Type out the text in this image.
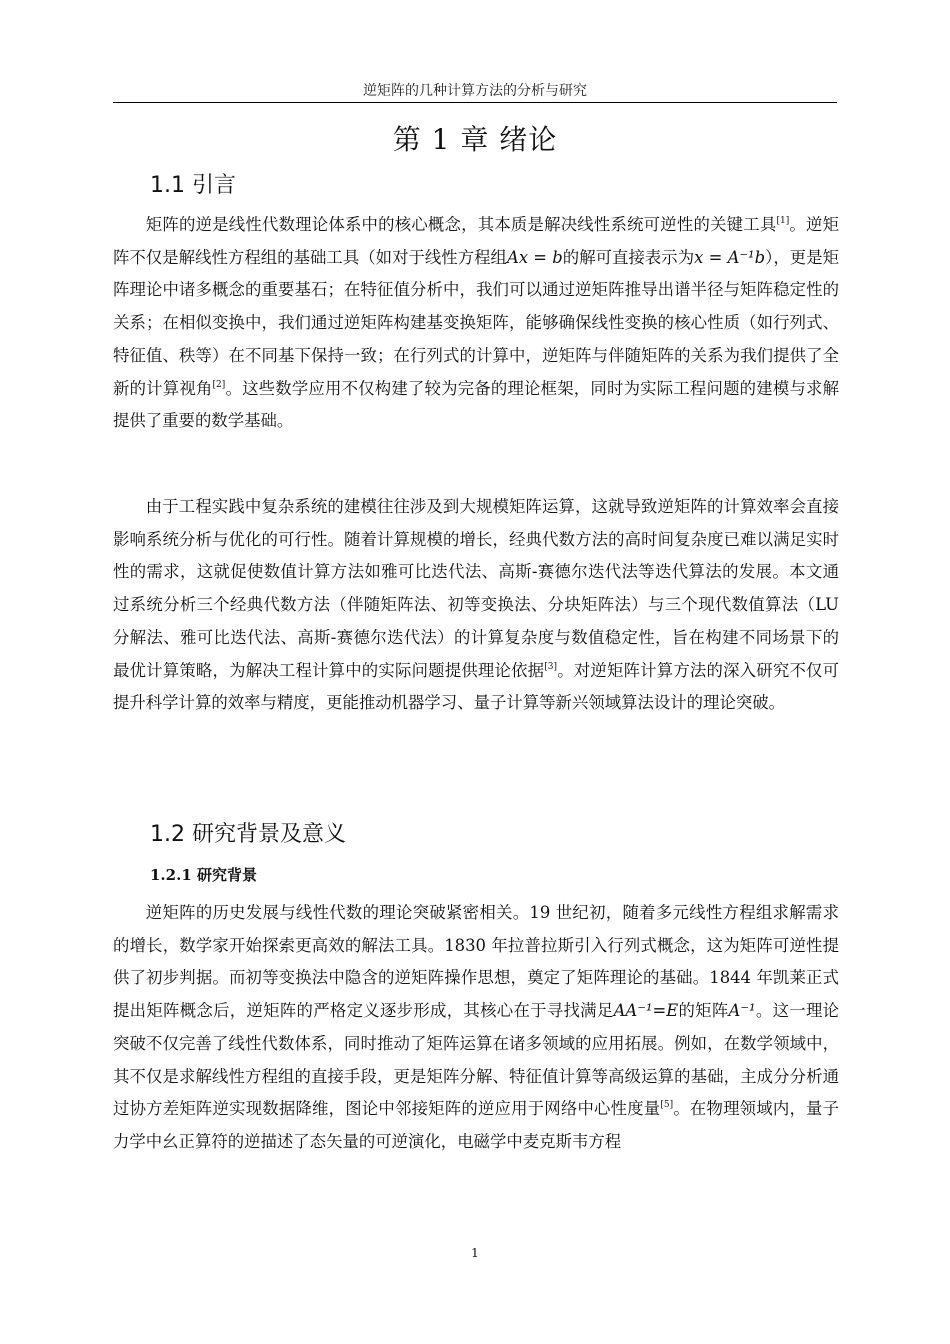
逆矩阵的几种计算方法的分析与研究
第 1 章 绪论
1.1 引言

矩阵的逆是线性代数理论体系中的核心概念，其本质是解决线性系统可逆性的关键工具[1]。逆矩阵不仅是解线性方程组的基础工具（如对于线性方程组Ax = b的解可直接表示为x = A⁻¹b），更是矩阵理论中诸多概念的重要基石；在特征值分析中，我们可以通过逆矩阵推导出谱半径与矩阵稳定性的关系；在相似变换中，我们通过逆矩阵构建基变换矩阵，能够确保线性变换的核心性质（如行列式、特征值、秩等）在不同基下保持一致；在行列式的计算中，逆矩阵与伴随矩阵的关系为我们提供了全新的计算视角[2]。这些数学应用不仅构建了较为完备的理论框架，同时为实际工程问题的建模与求解提供了重要的数学基础。

由于工程实践中复杂系统的建模往往涉及到大规模矩阵运算，这就导致逆矩阵的计算效率会直接影响系统分析与优化的可行性。随着计算规模的增长，经典代数方法的高时间复杂度已难以满足实时性的需求，这就促使数值计算方法如雅可比迭代法、高斯-赛德尔迭代法等迭代算法的发展。本文通过系统分析三个经典代数方法（伴随矩阵法、初等变换法、分块矩阵法）与三个现代数值算法（LU 分解法、雅可比迭代法、高斯-赛德尔迭代法）的计算复杂度与数值稳定性，旨在构建不同场景下的最优计算策略，为解决工程计算中的实际问题提供理论依据[3]。对逆矩阵计算方法的深入研究不仅可提升科学计算的效率与精度，更能推动机器学习、量子计算等新兴领域算法设计的理论突破。

1.2 研究背景及意义
1.2.1 研究背景

逆矩阵的历史发展与线性代数的理论突破紧密相关。19 世纪初，随着多元线性方程组求解需求的增长，数学家开始探索更高效的解法工具。1830 年拉普拉斯引入行列式概念，这为矩阵可逆性提供了初步判据。而初等变换法中隐含的逆矩阵操作思想，奠定了矩阵理论的基础。1844 年凯莱正式提出矩阵概念后，逆矩阵的严格定义逐步形成，其核心在于寻找满足AA⁻¹=E的矩阵A⁻¹。这一理论突破不仅完善了线性代数体系，同时推动了矩阵运算在诸多领域的应用拓展。例如，在数学领域中，其不仅是求解线性方程组的直接手段，更是矩阵分解、特征值计算等高级运算的基础，主成分分析通过协方差矩阵逆实现数据降维，图论中邻接矩阵的逆应用于网络中心性度量[5]。在物理领域内，量子力学中幺正算符的逆描述了态矢量的可逆演化，电磁学中麦克斯韦方程

1
